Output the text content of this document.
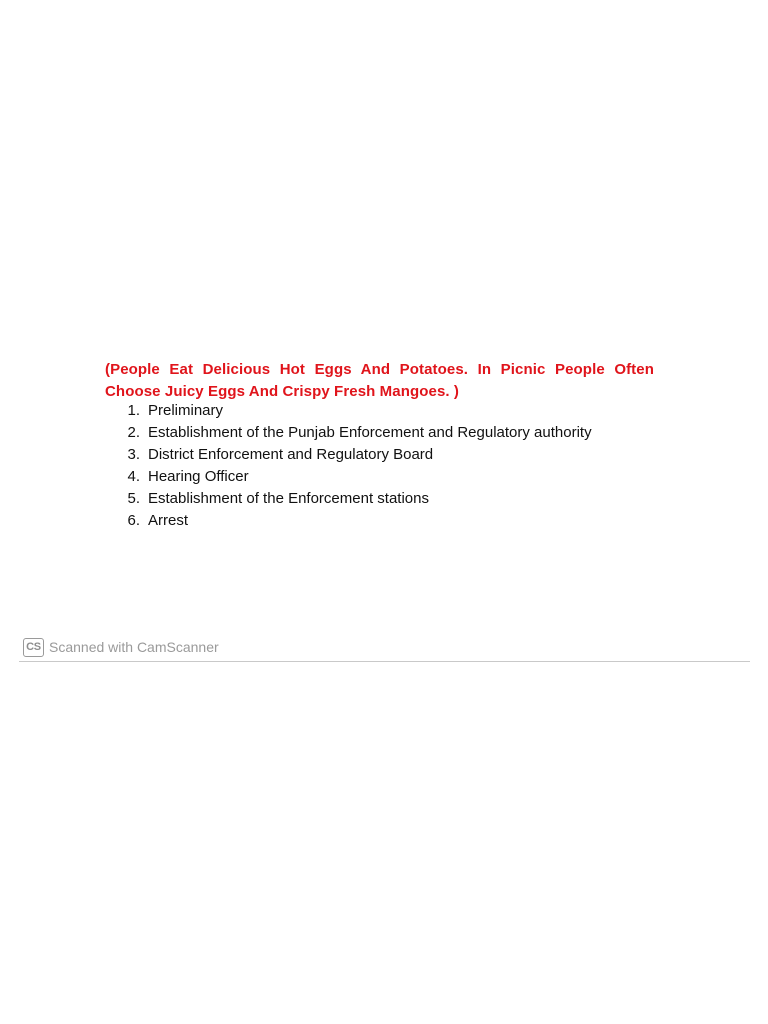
(People Eat Delicious Hot Eggs And Potatoes. In Picnic People Often Choose Juicy Eggs And Crispy Fresh Mangoes. )

1. Preliminary
2. Establishment of the Punjab Enforcement and Regulatory authority
3. District Enforcement and Regulatory Board
4. Hearing Officer
5. Establishment of the Enforcement stations
6. Arrest
CS Scanned with CamScanner
